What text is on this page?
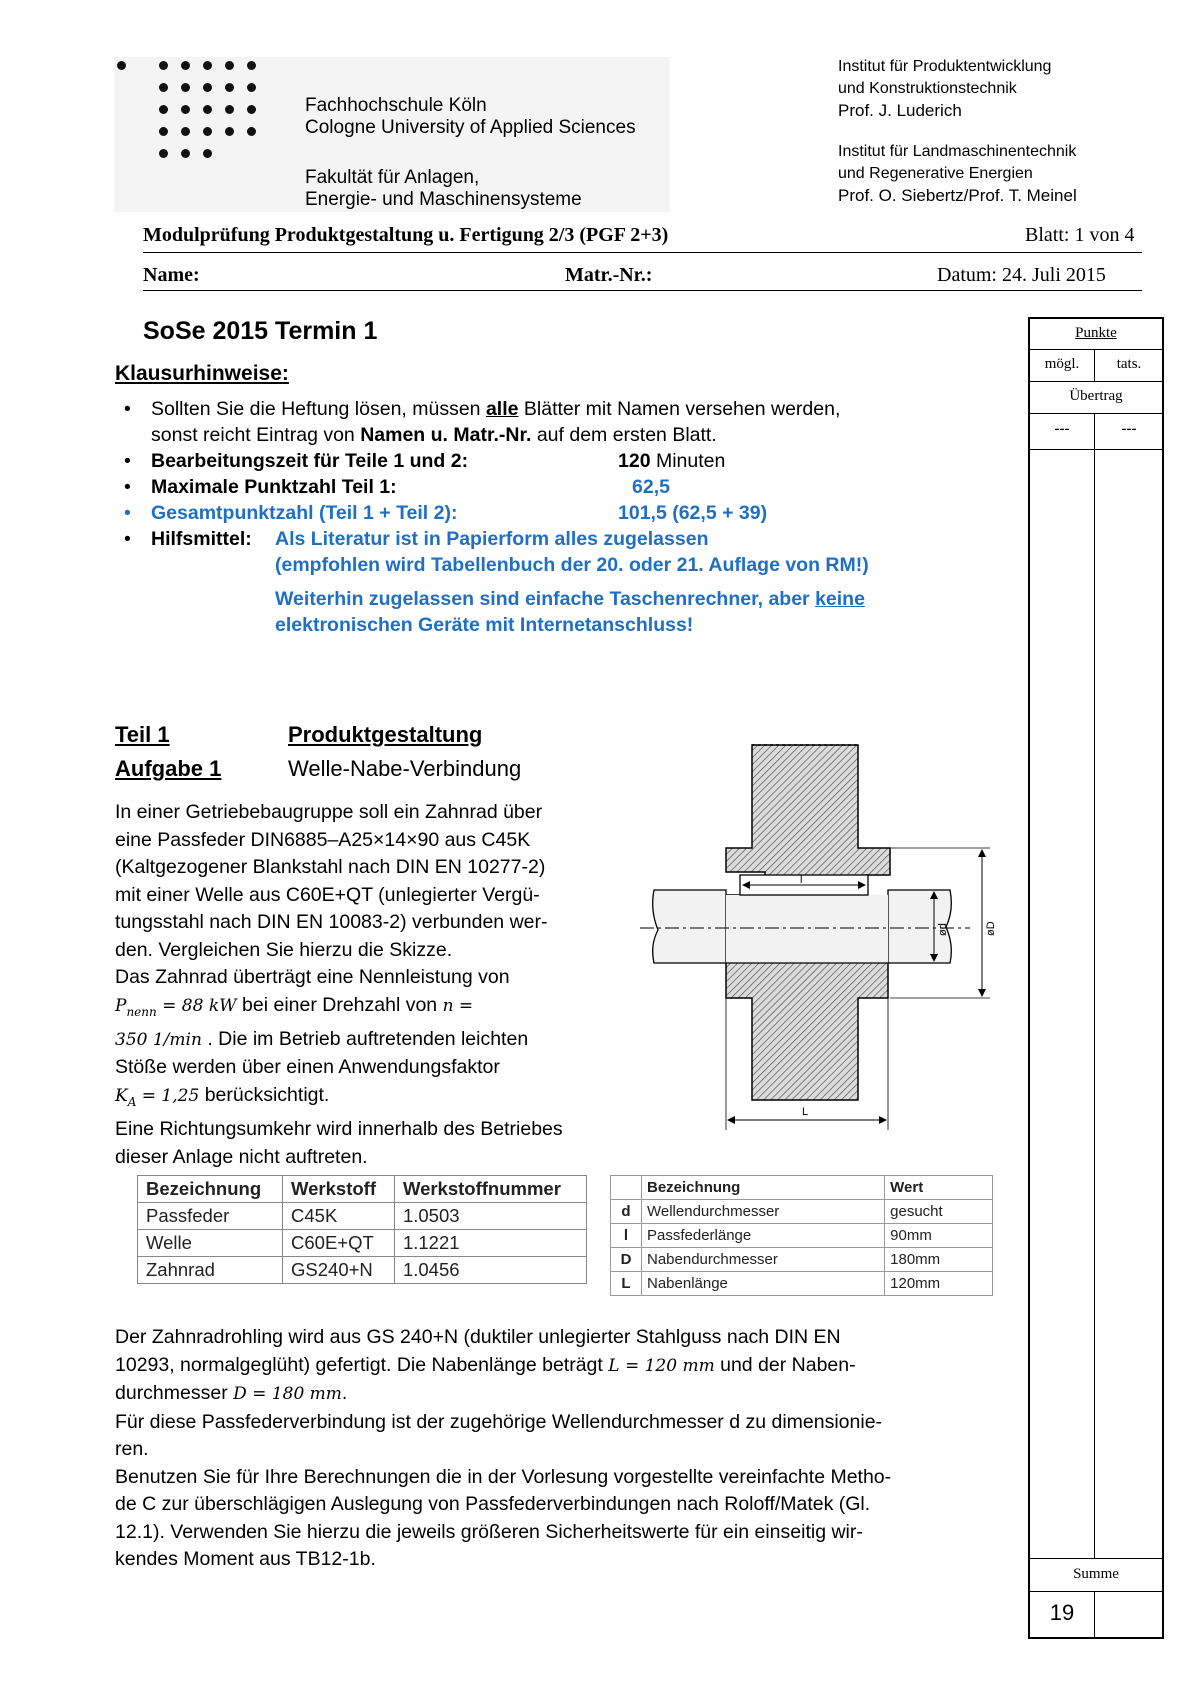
Fachhochschule Köln
Cologne University of Applied Sciences
Fakultät für Anlagen,
Energie- und Maschinensysteme
Institut für Produktentwicklung
und Konstruktionstechnik
Prof. J. Luderich
Institut für Landmaschinentechnik
und Regenerative Energien
Prof. O. Siebertz/Prof. T. Meinel
Modulprüfung Produktgestaltung u. Fertigung 2/3 (PGF 2+3)	Blatt: 1 von 4
Name:	Matr.-Nr.:	Datum: 24. Juli 2015
SoSe 2015 Termin 1
Klausurhinweise:
• Sollten Sie die Heftung lösen, müssen alle Blätter mit Namen versehen werden,
sonst reicht Eintrag von Namen u. Matr.-Nr. auf dem ersten Blatt.
• Bearbeitungszeit für Teile 1 und 2:	120 Minuten
• Maximale Punktzahl Teil 1:	62,5
• Gesamtpunktzahl (Teil 1 + Teil 2):	101,5 (62,5 + 39)
• Hilfsmittel:	Als Literatur ist in Papierform alles zugelassen
(empfohlen wird Tabellenbuch der 20. oder 21. Auflage von RM!)
Weiterhin zugelassen sind einfache Taschenrechner, aber keine
elektronischen Geräte mit Internetanschluss!
Teil 1	Produktgestaltung
Aufgabe 1	Welle-Nabe-Verbindung

In einer Getriebebaugruppe soll ein Zahnrad über

eine Passfeder DIN6885–A25×14×90 aus C45K

(Kaltgezogener Blankstahl nach DIN EN 10277-2)

mit einer Welle aus C60E+QT (unlegierter Vergü-

tungsstahl nach DIN EN 10083-2) verbunden wer-

den. Vergleichen Sie hierzu die Skizze.

Das Zahnrad überträgt eine Nennleistung von

$P_{nenn} = 88$ kW bei einer Drehzahl von n =

350 1/min . Die im Betrieb auftretenden leichten

Stöße werden über einen Anwendungsfaktor

$K_A = 1,25$ berücksichtigt.

Eine Richtungsumkehr wird innerhalb des Betriebes

dieser Anlage nicht auftreten.

l
ød	øD
L
Bezeichnung	Werkstoff	Werkstoffnummer
Passfeder	C45K	1.0503
Welle	C60E+QT	1.1221
Zahnrad	GS240+N	1.0456
	Bezeichnung	Wert
d	Wellendurchmesser	gesucht
l	Passfederlänge	90mm
D	Nabendurchmesser	180mm
L	Nabenlänge	120mm

Der Zahnradrohling wird aus GS 240+N (duktiler unlegierter Stahlguss nach DIN EN

10293, normalgeglüht) gefertigt. Die Nabenlänge beträgt L = 120 mm und der Naben-

durchmesser D = 180 mm.

Für diese Passfederverbindung ist der zugehörige Wellendurchmesser d zu dimensionie-

ren.

Benutzen Sie für Ihre Berechnungen die in der Vorlesung vorgestellte vereinfachte Metho-

de C zur überschlägigen Auslegung von Passfederverbindungen nach Roloff/Matek (Gl.

12.1). Verwenden Sie hierzu die jeweils größeren Sicherheitswerte für ein einseitig wir-

kendes Moment aus TB12-1b.

Punkte
mögl.	tats.
Übertrag
---	---
Summe
19
